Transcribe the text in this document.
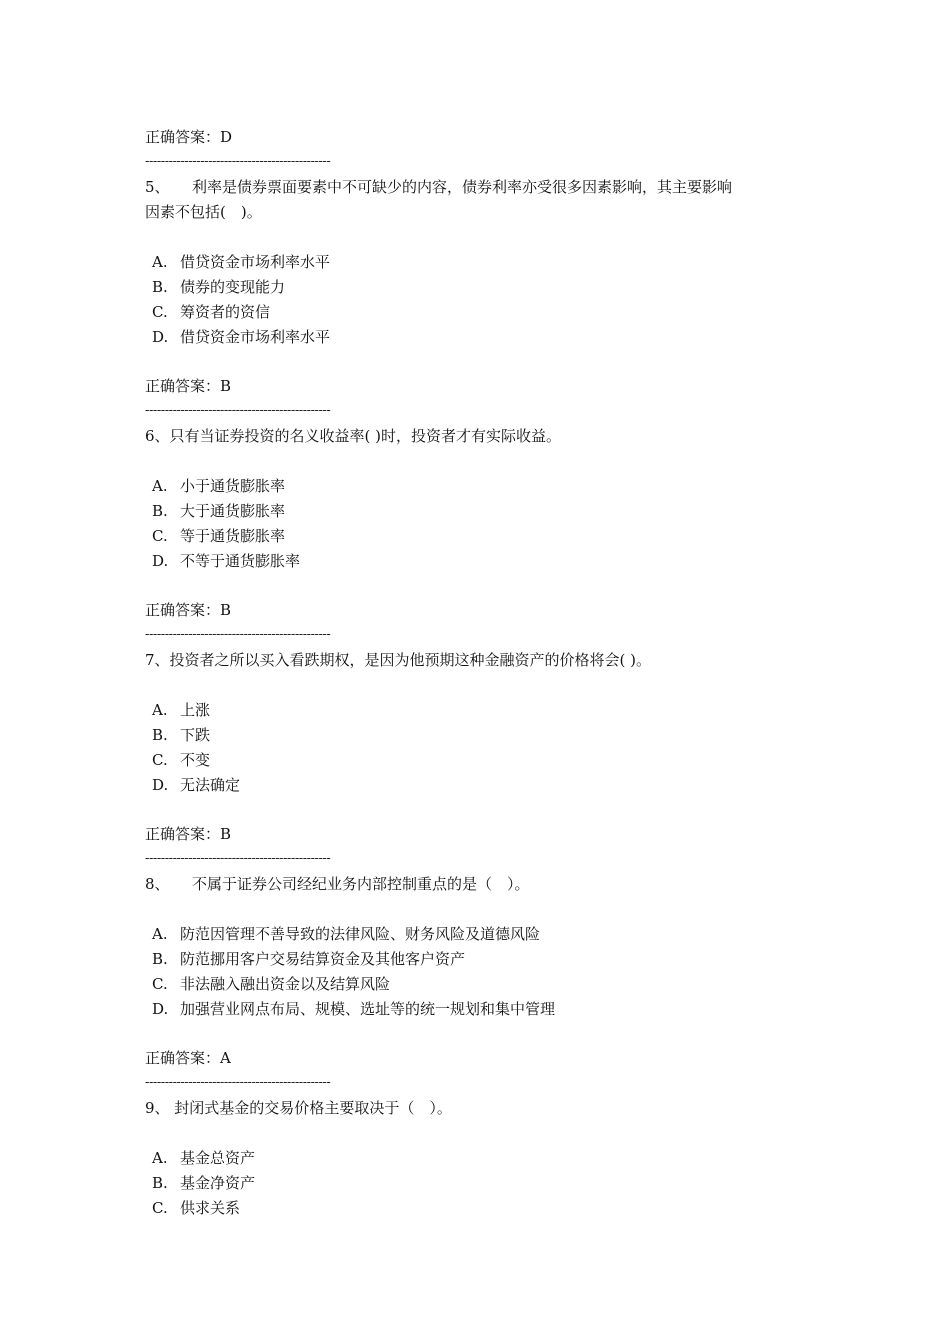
正确答案：D
-----------------------------------------------
5、　　利率是债券票面要素中不可缺少的内容，债券利率亦受很多因素影响，其主要影响
因素不包括(　)。
A. 借贷资金市场利率水平
B. 债券的变现能力
C. 筹资者的资信
D. 借贷资金市场利率水平
正确答案：B
-----------------------------------------------
6、只有当证券投资的名义收益率( )时，投资者才有实际收益。
A. 小于通货膨胀率
B. 大于通货膨胀率
C. 等于通货膨胀率
D. 不等于通货膨胀率
正确答案：B
-----------------------------------------------
7、投资者之所以买入看跌期权，是因为他预期这种金融资产的价格将会( )。
A. 上涨
B. 下跌
C. 不变
D. 无法确定
正确答案：B
-----------------------------------------------
8、　　不属于证券公司经纪业务内部控制重点的是（　）。
A. 防范因管理不善导致的法律风险、财务风险及道德风险
B. 防范挪用客户交易结算资金及其他客户资产
C. 非法融入融出资金以及结算风险
D. 加强营业网点布局、规模、选址等的统一规划和集中管理
正确答案：A
-----------------------------------------------
9、 封闭式基金的交易价格主要取决于（　）。
A. 基金总资产
B. 基金净资产
C. 供求关系
